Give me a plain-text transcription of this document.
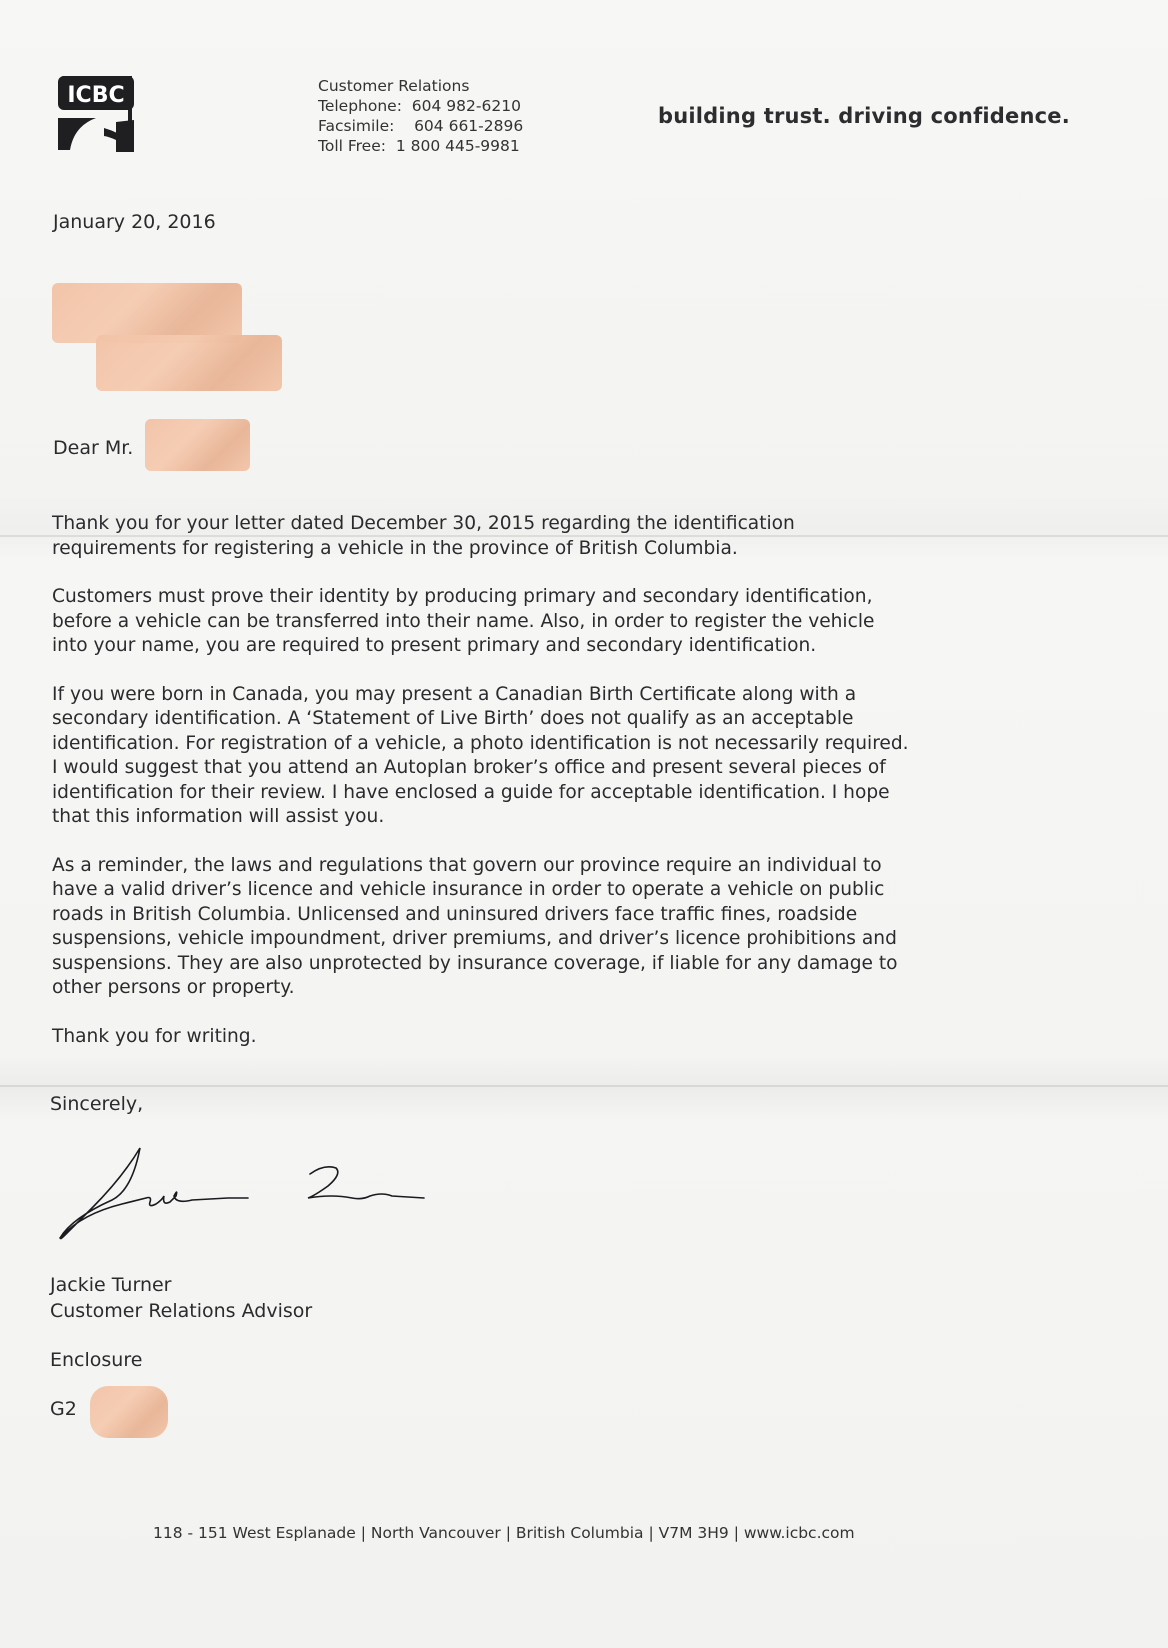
ICBC	Customer Relations
Telephone:  604 982-6210
Facsimile:    604 661-2896
Toll Free:  1 800 445-9981
building trust. driving confidence.
January 20, 2016
Dear Mr.

Thank you for your letter dated December 30, 2015 regarding the identification
requirements for registering a vehicle in the province of British Columbia.

Customers must prove their identity by producing primary and secondary identification,
before a vehicle can be transferred into their name. Also, in order to register the vehicle
into your name, you are required to present primary and secondary identification.

If you were born in Canada, you may present a Canadian Birth Certificate along with a
secondary identification. A ‘Statement of Live Birth’ does not qualify as an acceptable
identification. For registration of a vehicle, a photo identification is not necessarily required.
I would suggest that you attend an Autoplan broker’s office and present several pieces of
identification for their review. I have enclosed a guide for acceptable identification. I hope
that this information will assist you.

As a reminder, the laws and regulations that govern our province require an individual to
have a valid driver’s licence and vehicle insurance in order to operate a vehicle on public
roads in British Columbia. Unlicensed and uninsured drivers face traffic fines, roadside
suspensions, vehicle impoundment, driver premiums, and driver’s licence prohibitions and
suspensions. They are also unprotected by insurance coverage, if liable for any damage to
other persons or property.

Thank you for writing.

Sincerely,
Jackie Turner
Customer Relations Advisor
Enclosure
G2
118 - 151 West Esplanade | North Vancouver | British Columbia | V7M 3H9 | www.icbc.com
